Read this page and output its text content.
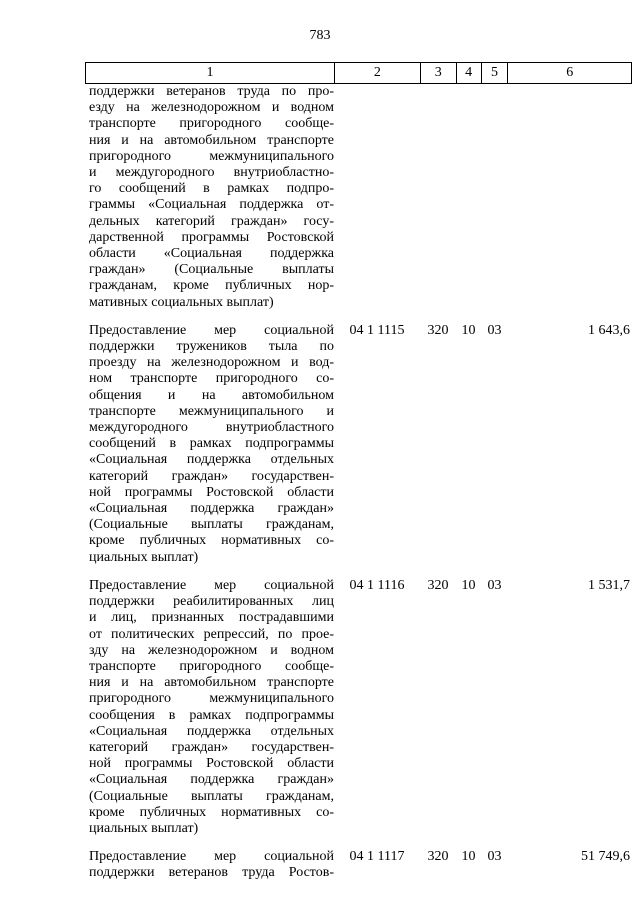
783
1	2	3	4	5	6
поддержки ветеранов труда по про-
езду на железнодорожном и водном
транспорте пригородного сообще-
ния и на автомобильном транспорте
пригородного межмуниципального
и междугородного внутриобластно-
го сообщений в рамках подпро-
граммы «Социальная поддержка от-
дельных категорий граждан» госу-
дарственной программы Ростовской
области «Социальная поддержка
граждан» (Социальные выплаты
гражданам, кроме публичных нор-
мативных социальных выплат)
Предоставление мер социальной
поддержки тружеников тыла по
проезду на железнодорожном и вод-
ном транспорте пригородного со-
общения и на автомобильном
транспорте межмуниципального и
междугородного внутриобластного
сообщений в рамках подпрограммы
«Социальная поддержка отдельных
категорий граждан» государствен-
ной программы Ростовской области
«Социальная поддержка граждан»
(Социальные выплаты гражданам,
кроме публичных нормативных со-
циальных выплат)
04 1 1115	320 10 03	1 643,6
Предоставление мер социальной
поддержки реабилитированных лиц
и лиц, признанных пострадавшими
от политических репрессий, по прое-
зду на железнодорожном и водном
транспорте пригородного сообще-
ния и на автомобильном транспорте
пригородного межмуниципального
сообщения в рамках подпрограммы
«Социальная поддержка отдельных
категорий граждан» государствен-
ной программы Ростовской области
«Социальная поддержка граждан»
(Социальные выплаты гражданам,
кроме публичных нормативных со-
циальных выплат)
04 1 1116	320 10 03	1 531,7
Предоставление мер социальной
поддержки ветеранов труда Ростов-
04 1 1117	320 10 03	51 749,6
